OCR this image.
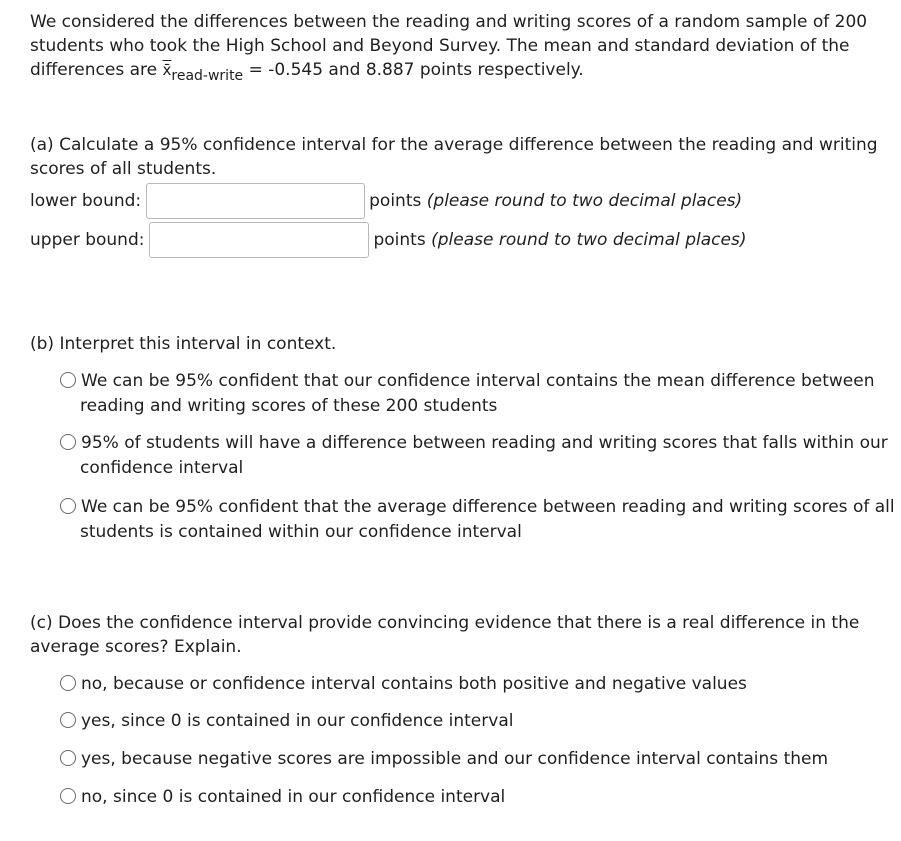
We considered the differences between the reading and writing scores of a random sample of 200 students who took the High School and Beyond Survey. The mean and standard deviation of the differences are $x̄_{read-write} = -0.545$ and 8.887 points respectively.
(a) Calculate a 95% confidence interval for the average difference between the reading and writing scores of all students.
lower bound:	points
(please round to two decimal places)
upper bound:	points
(please round to two decimal places)
(b) Interpret this interval in context.
We can be 95% confident that our confidence interval contains the mean difference between reading and writing scores of these 200 students
95% of students will have a difference between reading and writing scores that falls within our confidence interval
We can be 95% confident that the average difference between reading and writing scores of all students is contained within our confidence interval
(c) Does the confidence interval provide convincing evidence that there is a real difference in the average scores? Explain.
no, because or confidence interval contains both positive and negative values
yes, since 0 is contained in our confidence interval
yes, because negative scores are impossible and our confidence interval contains them
no, since 0 is contained in our confidence interval
